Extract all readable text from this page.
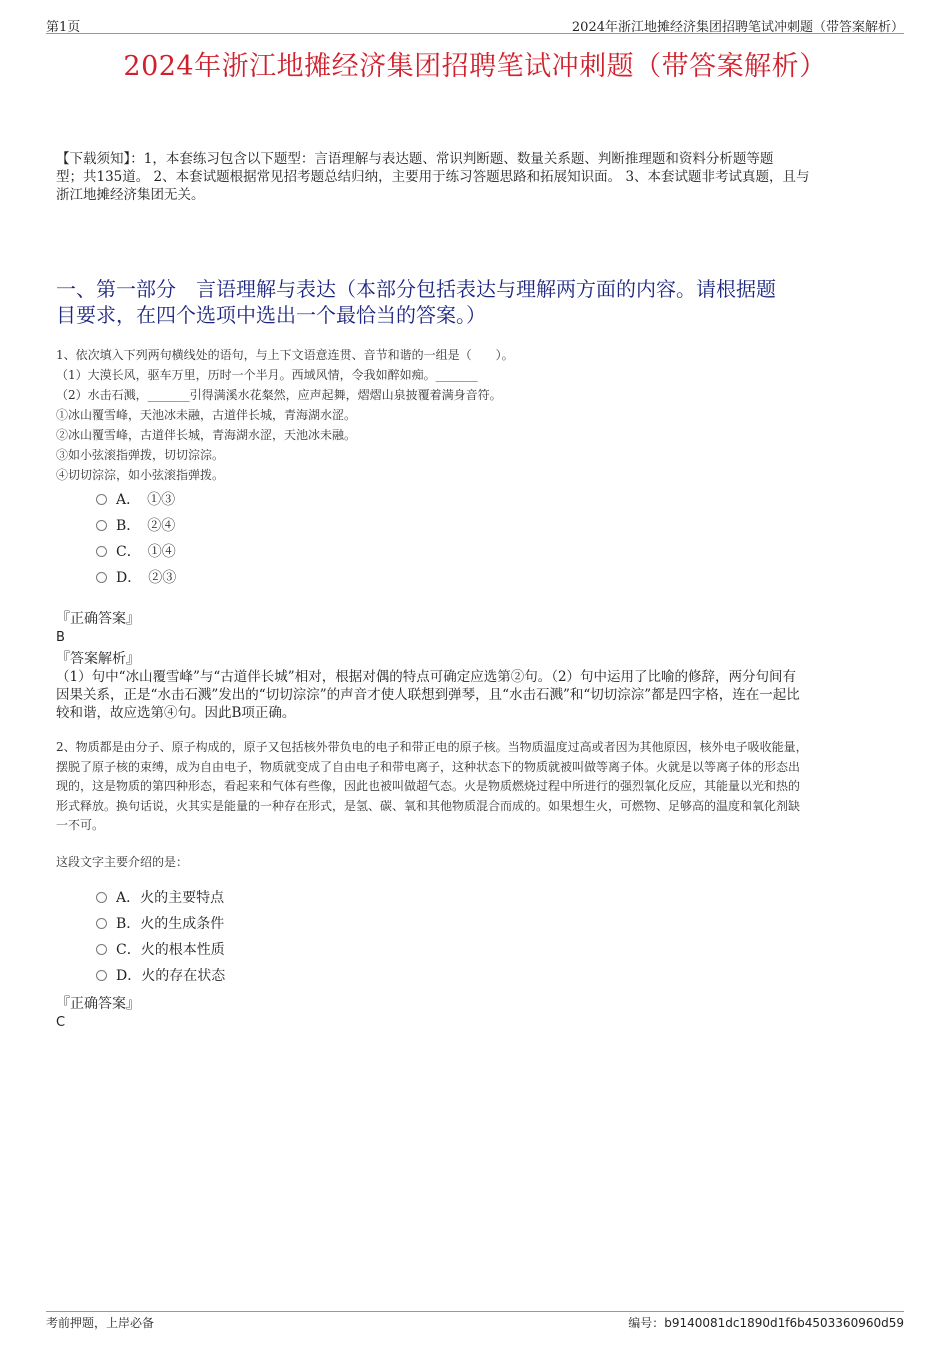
第1页	2024年浙江地摊经济集团招聘笔试冲刺题（带答案解析）
2024年浙江地摊经济集团招聘笔试冲刺题（带答案解析）
【下载须知】：1，本套练习包含以下题型：言语理解与表达题、常识判断题、数量关系题、判断推理题和资料分析题等题
型；共135道。 2、本套试题根据常见招考题总结归纳，主要用于练习答题思路和拓展知识面。 3、本套试题非考试真题，且与
浙江地摊经济集团无关。
一、第一部分　言语理解与表达（本部分包括表达与理解两方面的内容。请根据题
目要求，在四个选项中选出一个最恰当的答案。）
1、依次填入下列两句横线处的语句，与上下文语意连贯、音节和谐的一组是（　　）。
（1）大漠长风，驱车万里，历时一个半月。西域风情，令我如醉如痴。_______
（2）水击石溅，_______引得满溪水花粲然，应声起舞，熠熠山泉披覆着满身音符。
①冰山覆雪峰，天池冰未融，古道伴长城，青海湖水涩。
②冰山覆雪峰，古道伴长城，青海湖水涩，天池冰未融。
③如小弦滚指弹拨，切切淙淙。
④切切淙淙，如小弦滚指弹拨。
A．　①③
B．　②④
C．　①④
D．　②③
『正确答案』
B
『答案解析』
（1）句中“冰山覆雪峰”与“古道伴长城”相对，根据对偶的特点可确定应选第②句。（2）句中运用了比喻的修辞，两分句间有
因果关系，正是“水击石溅”发出的“切切淙淙”的声音才使人联想到弹琴，且“水击石溅”和“切切淙淙”都是四字格，连在一起比
较和谐，故应选第④句。因此B项正确。
2、物质都是由分子、原子构成的，原子又包括核外带负电的电子和带正电的原子核。当物质温度过高或者因为其他原因，核外电子吸收能量，
摆脱了原子核的束缚，成为自由电子，物质就变成了自由电子和带电离子，这种状态下的物质就被叫做等离子体。火就是以等离子体的形态出
现的，这是物质的第四种形态，看起来和气体有些像，因此也被叫做超气态。火是物质燃烧过程中所进行的强烈氧化反应，其能量以光和热的
形式释放。换句话说，火其实是能量的一种存在形式，是氢、碳、氧和其他物质混合而成的。如果想生火，可燃物、足够高的温度和氧化剂缺
一不可。
这段文字主要介绍的是：
A．火的主要特点
B．火的生成条件
C．火的根本性质
D．火的存在状态
『正确答案』
C
考前押题，上岸必备	编号：b9140081dc1890d1f6b4503360960d59
